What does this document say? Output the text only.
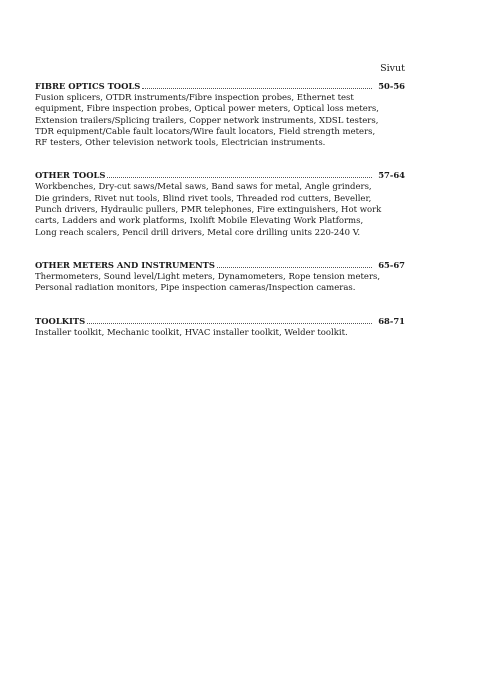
Sivut
FIBRE OPTICS TOOLS	50-56
Fusion splicers, OTDR instruments/Fibre inspection probes, Ethernet test
equipment, Fibre inspection probes, Optical power meters, Optical loss meters,
Extension trailers/Splicing trailers, Copper network instruments, XDSL testers,
TDR equipment/Cable fault locators/Wire fault locators, Field strength meters,
RF testers, Other television network tools, Electrician instruments.
OTHER TOOLS	57-64
Workbenches, Dry-cut saws/Metal saws, Band saws for metal, Angle grinders,
Die grinders, Rivet nut tools, Blind rivet tools, Threaded rod cutters, Beveller,
Punch drivers, Hydraulic pullers, PMR telephones, Fire extinguishers, Hot work
carts, Ladders and work platforms, Ixolift Mobile Elevating Work Platforms,
Long reach scalers, Pencil drill drivers, Metal core drilling units 220-240 V.
OTHER METERS AND INSTRUMENTS	65-67
Thermometers, Sound level/Light meters, Dynamometers, Rope tension meters,
Personal radiation monitors, Pipe inspection cameras/Inspection cameras.
TOOLKITS	68-71
Installer toolkit, Mechanic toolkit, HVAC installer toolkit, Welder toolkit.
